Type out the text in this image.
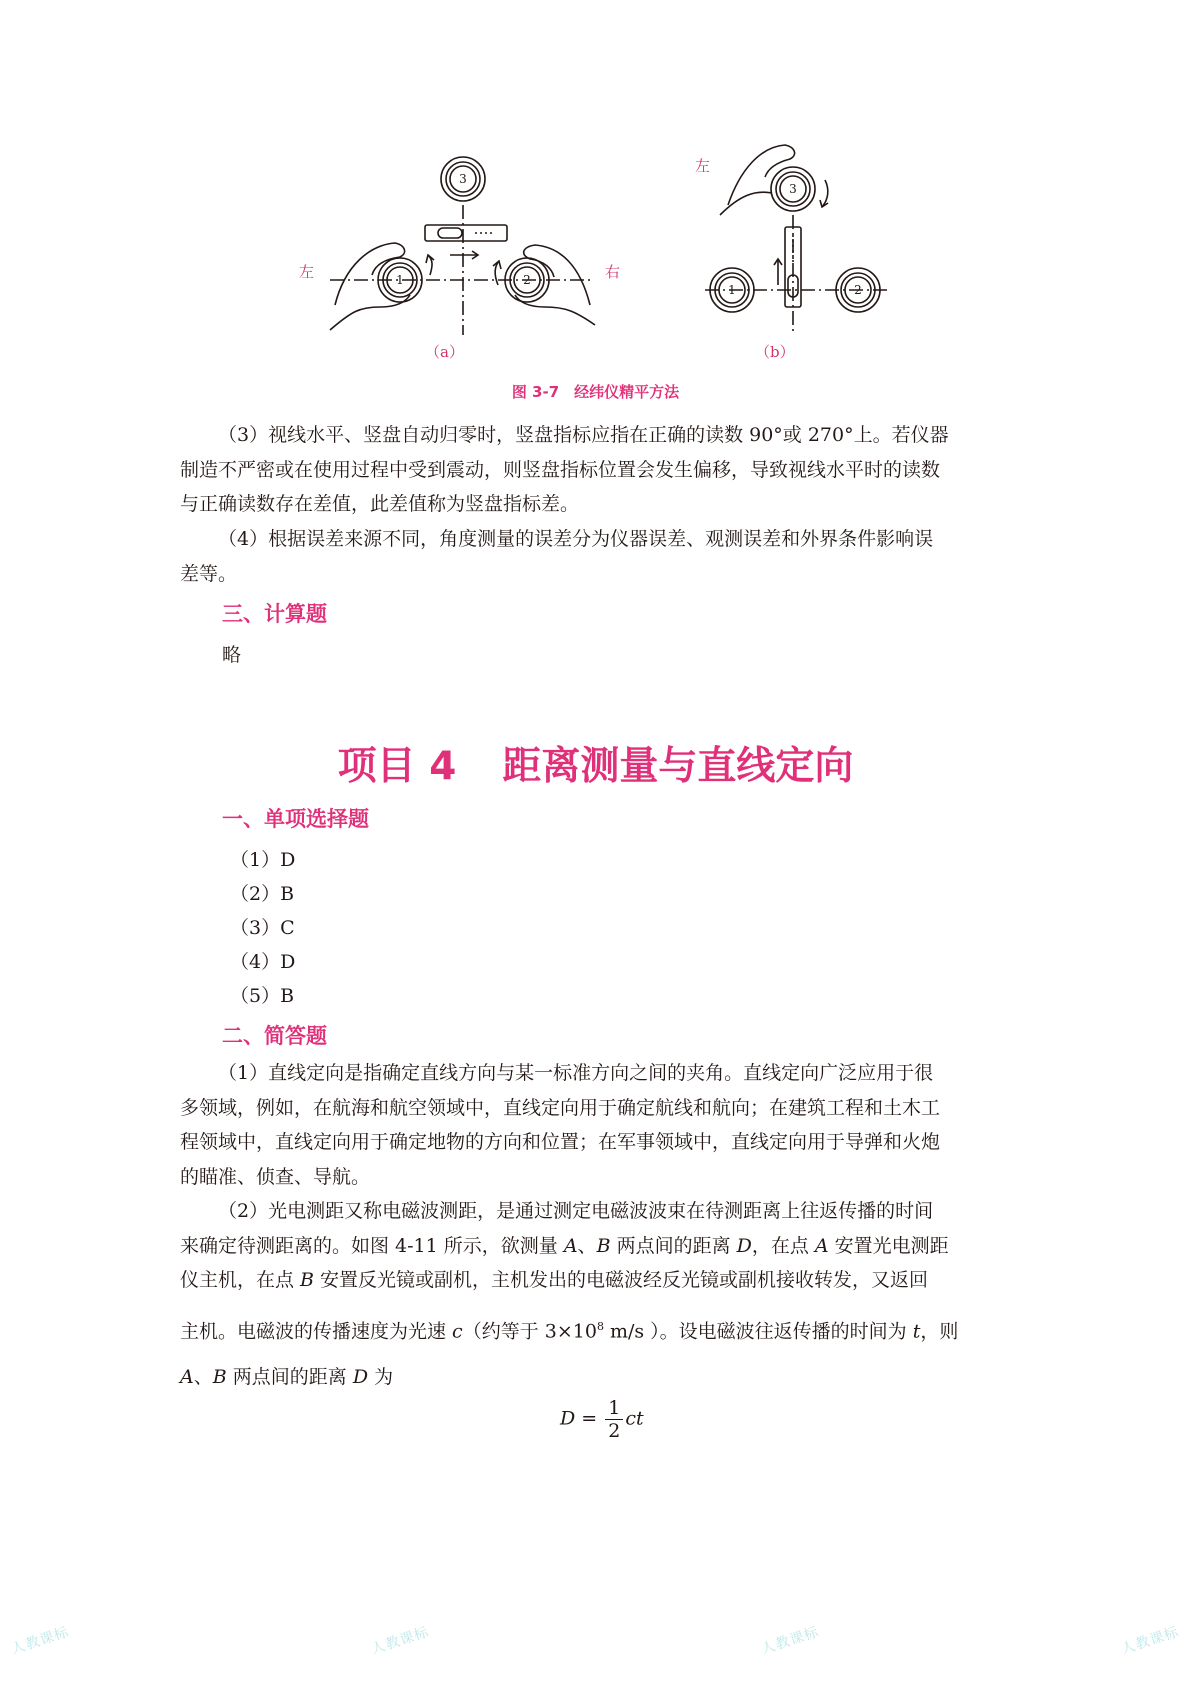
3
1	2
3
1	2
左	右
左
（a）	（b）
图 3-7　经纬仪精平方法
（3）视线水平、竖盘自动归零时，竖盘指标应指在正确的读数 90°或 270°上。若仪器
制造不严密或在使用过程中受到震动，则竖盘指标位置会发生偏移，导致视线水平时的读数
与正确读数存在差值，此差值称为竖盘指标差。
（4）根据误差来源不同，角度测量的误差分为仪器误差、观测误差和外界条件影响误
差等。
三、计算题
略
项目 4 距离测量与直线定向
一、单项选择题
（1）D
（2）B
（3）C
（4）D
（5）B
二、简答题
（1）直线定向是指确定直线方向与某一标准方向之间的夹角。直线定向广泛应用于很
多领域，例如，在航海和航空领域中，直线定向用于确定航线和航向；在建筑工程和土木工
程领域中，直线定向用于确定地物的方向和位置；在军事领域中，直线定向用于导弹和火炮
的瞄准、侦查、导航。
（2）光电测距又称电磁波测距，是通过测定电磁波波束在待测距离上往返传播的时间
来确定待测距离的。如图 4-11 所示，欲测量 A、B 两点间的距离 D，在点 A 安置光电测距
仪主机，在点 B 安置反光镜或副机，主机发出的电磁波经反光镜或副机接收转发，又返回
主机。电磁波的传播速度为光速 c（约等于 $3\times 10^8$ m/s ）。设电磁波往返传播的时间为 t，则
A、B 两点间的距离 D 为
$D = \frac{1}{2}$ ct
人教课标	人教课标	人教课标	人教课标
